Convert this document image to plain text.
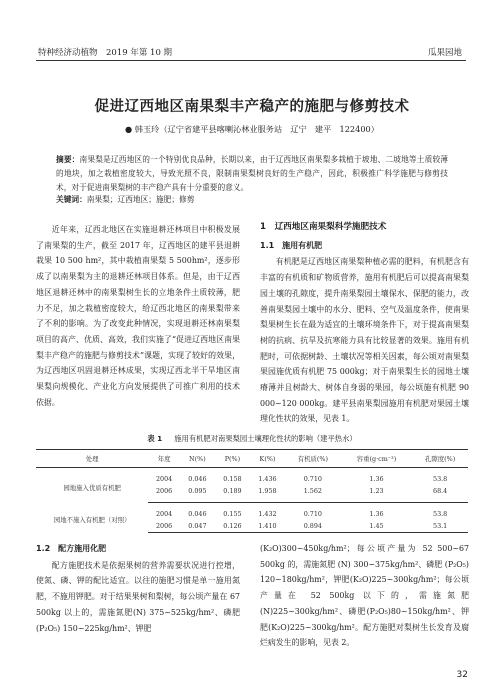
特种经济动植物　2019 年第 10 期	瓜果园地
促进辽西地区南果梨丰产稳产的施肥与修剪技术
● 韩玉玲（辽宁省建平县喀喇沁林业服务站　辽宁　建平　122400）
摘要：南果梨是辽西地区的一个特别优良品种，长期以来，由于辽西地区南果梨多栽植于坡地、二坡地等土质较薄的地块，加之栽植密度较大，导致光照不良，限制南果梨树良好的生产稳产，因此，积极推广科学施肥与修剪技术，对于促进南果梨树的丰产稳产具有十分重要的意义。
关键词：南果梨；辽西地区；施肥；修剪

近年来，辽西北地区在实施退耕还林项目中积极发展了南果梨的生产，截至 2017 年，辽西地区的建平县退耕栽果 10 500 hm²，其中栽植南果梨 5 500hm²，逐步形成了以南果梨为主的退耕还林项目体系。但是，由于辽西地区退耕还林中的南果梨树生长的立地条件土质较薄，肥力不足，加之栽植密度较大，给辽西北地区的南果梨带来了不利的影响。为了改变此种情况，实现退耕还林南果梨项目的高产、优质、高效，我们实施了“促进辽西地区南果梨丰产稳产的施肥与修剪技术”课题，实现了较好的效果，为辽西地区巩固退耕还林成果，实现辽西北半干旱地区南果梨向规模化、产业化方向发展提供了可推广利用的技术依据。

1　辽西地区南果梨科学施肥技术
1.1　施用有机肥

有机肥是辽西地区南果梨种植必需的肥料，有机肥含有丰富的有机质和矿物质营养，施用有机肥后可以提高南果梨园土壤的孔隙度，提升南果梨园土壤保水、保肥的能力，改善南果梨园土壤中的水分、肥料、空气及温度条件，使南果梨果树生长在最为适宜的土壤环境条件下，对于提高南果梨树的抗病、抗旱及抗寒能力具有比较显著的效果。施用有机肥时，可依据树龄、土壤状况等相关因素，每公顷对南果梨果园施优质有机肥 75 000kg；对于南果梨生长的园地土壤瘠薄并且树龄大、树体自身弱的果园，每公顷施有机肥 90 000~120 000kg。建平县南果梨园施用有机肥对果园土壤理化性状的效果，见表 1。

表 1 施用有机肥对南果梨园土壤理化性状的影响（建平热水）
处理	年度	N(%)	P(%)	K(%)	有机质(%)	容重(g·cm⁻³)	孔隙度(%)
园地施入优质有机肥	2004	0.046	0.158	1.436	0.710	1.36	53.8
	2006	0.095	0.189	1.958	1.562	1.23	68.4
园地不施入有机肥（对照）	2004	0.046	0.155	1.432	0.710	1.36	53.8
	2006	0.047	0.126	1.410	0.894	1.45	53.1
1.2　配方施用化肥

配方施肥技术是依据果树的营养需要状况进行控增，使氮、磷、钾的配比适宜。以往的施肥习惯是单一施用氮肥，不施用钾肥。对于结果果树和梨树，每公顷产量在 67 500kg 以上的，需施氮肥(N) 375~525kg/hm²、磷肥 (P₂O₅) 150~225kg/hm²、钾肥

(K₂O)300~450kg/hm²；每公顷产量为 52 500~67 500kg 的，需施氮肥 (N) 300~375kg/hm²、磷肥 (P₂O₅) 120~180kg/hm²，钾肥(K₂O)225~300kg/hm²；每公顷产量在 52 500kg 以下的，需施氮肥(N)225~300kg/hm²、磷肥(P₂O₅)80~150kg/hm²、钾肥(K₂O)225~300kg/hm²。配方施肥对梨树生长发育及腐烂病发生的影响，见表 2。

32
